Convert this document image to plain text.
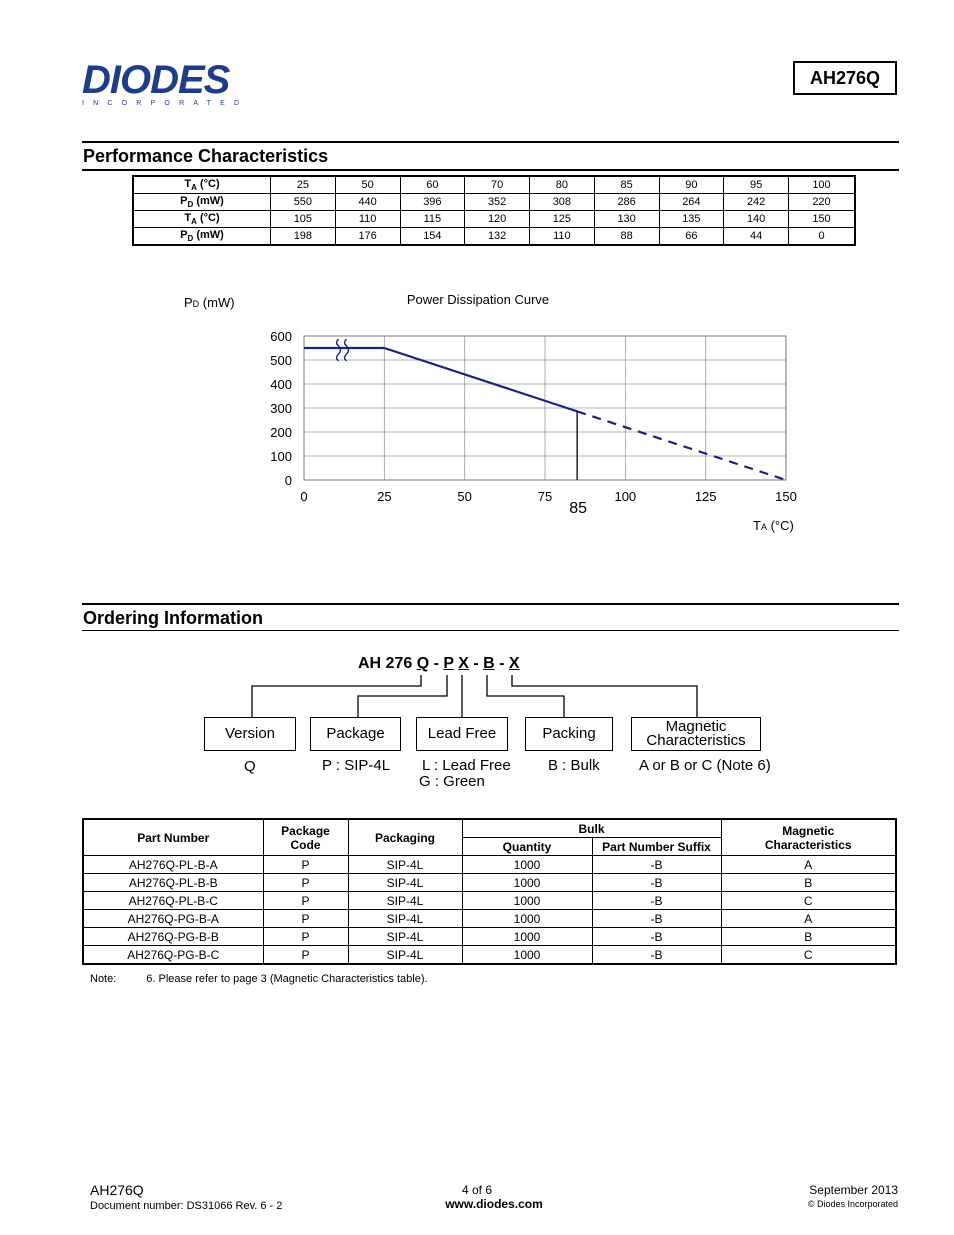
DIODES
INCORPORATED
AH276Q
Performance Characteristics
$T_A$ (°C)	25	50	60	70	80	85	90	95	100
$P_D$ (mW)	550	440	396	352	308	286	264	242	220
$T_A$ (°C)	105	110	115	120	125	130	135	140	150
$P_D$ (mW)	198	176	154	132	110	88	66	44	0
0
100
200
300
400
500
600
0	25	50	75	100	125	150
Power Dissipation Curve
PD (mW)
TA (°C)
85
Ordering Information
AH 276 Q - P X - B - X
Version	Package	Lead Free	Packing	Magnetic Characteristics
Q	P : SIP-4L L : Lead Free
G : Green
B : Bulk	A or B or C (Note 6)
Part Number	Package Code	Packaging	Bulk		Magnetic Characteristics
			Quantity	Part Number Suffix	
AH276Q-PL-B-A	P	SIP-4L	1000	-B	A
AH276Q-PL-B-B	P	SIP-4L	1000	-B	B
AH276Q-PL-B-C	P	SIP-4L	1000	-B	C
AH276Q-PG-B-A	P	SIP-4L	1000	-B	A
AH276Q-PG-B-B	P	SIP-4L	1000	-B	B
AH276Q-PG-B-C	P	SIP-4L	1000	-B	C
Note:	6. Please refer to page 3 (Magnetic Characteristics table).
AH276Q
Document number: DS31066 Rev. 6 - 2
4 of 6
www.diodes.com
September 2013
© Diodes Incorporated
